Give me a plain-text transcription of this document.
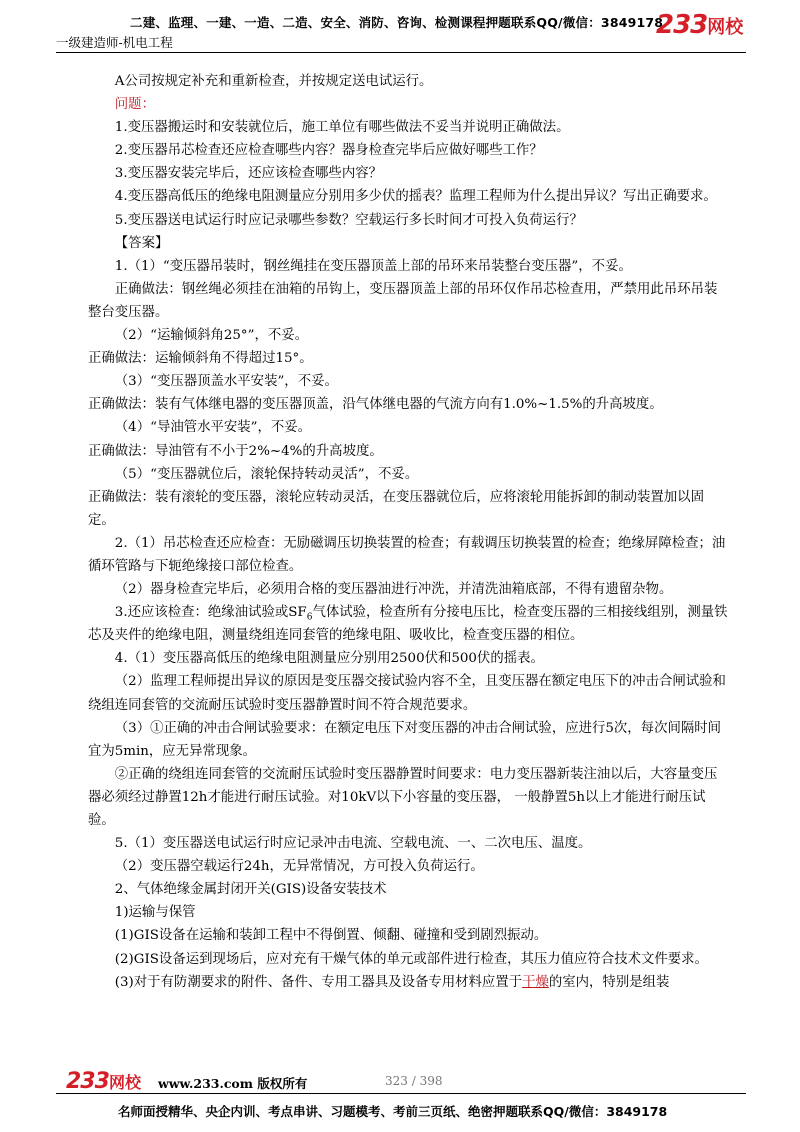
二建、监理、一建、一造、二造、安全、消防、咨询、检测课程押题联系QQ/微信：3849178
一级建造师-机电工程
233网校

A公司按规定补充和重新检查，并按规定送电试运行。

问题：

1.变压器搬运时和安装就位后，施工单位有哪些做法不妥当并说明正确做法。

2.变压器吊芯检查还应检查哪些内容？器身检查完毕后应做好哪些工作？

3.变压器安装完毕后，还应该检查哪些内容？

4.变压器高低压的绝缘电阻测量应分别用多少伏的摇表？监理工程师为什么提出异议？写出正确要求。

5.变压器送电试运行时应记录哪些参数？空载运行多长时间才可投入负荷运行？

【答案】

1.（1）“变压器吊装时，钢丝绳挂在变压器顶盖上部的吊环来吊装整台变压器”，不妥。

正确做法：钢丝绳必须挂在油箱的吊钩上，变压器顶盖上部的吊环仅作吊芯检查用，严禁用此吊环吊装整台变压器。

（2）“运输倾斜角25°”，不妥。

正确做法：运输倾斜角不得超过15°。

（3）“变压器顶盖水平安装”，不妥。

正确做法：装有气体继电器的变压器顶盖，沿气体继电器的气流方向有1.0%~1.5%的升高坡度。

（4）“导油管水平安装”，不妥。

正确做法：导油管有不小于2%~4%的升高坡度。

（5）“变压器就位后，滚轮保持转动灵活”，不妥。

正确做法：装有滚轮的变压器，滚轮应转动灵活，在变压器就位后，应将滚轮用能拆卸的制动装置加以固定。

2.（1）吊芯检查还应检查：无励磁调压切换装置的检查；有载调压切换装置的检查；绝缘屏障检查；油循环管路与下轭绝缘接口部位检查。

（2）器身检查完毕后，必须用合格的变压器油进行冲洗，并清洗油箱底部，不得有遗留杂物。

3.还应该检查：绝缘油试验或$SF_6$气体试验，检查所有分接电压比，检查变压器的三相接线组别，测量铁芯及夹件的绝缘电阻，测量绕组连同套管的绝缘电阻、吸收比，检查变压器的相位。

4.（1）变压器高低压的绝缘电阻测量应分别用2500伏和500伏的摇表。

（2）监理工程师提出异议的原因是变压器交接试验内容不全，且变压器在额定电压下的冲击合闸试验和绕组连同套管的交流耐压试验时变压器静置时间不符合规范要求。

（3）①正确的冲击合闸试验要求：在额定电压下对变压器的冲击合闸试验，应进行5次，每次间隔时间宜为5min，应无异常现象。

②正确的绕组连同套管的交流耐压试验时变压器静置时间要求：电力变压器新装注油以后，大容量变压器必须经过静置12h才能进行耐压试验。对10kV以下小容量的变压器， 一般静置5h以上才能进行耐压试验。

5.（1）变压器送电试运行时应记录冲击电流、空载电流、一、二次电压、温度。

（2）变压器空载运行24h，无异常情况，方可投入负荷运行。

2、气体绝缘金属封闭开关(GIS)设备安装技术

1)运输与保管

(1)GIS设备在运输和装卸工程中不得倒置、倾翻、碰撞和受到剧烈振动。

(2)GIS设备运到现场后，应对充有干燥气体的单元或部件进行检查，其压力值应符合技术文件要求。

(3)对于有防潮要求的附件、备件、专用工器具及设备专用材料应置于干燥的室内，特别是组装

233网校 www.233.com 版权所有	323 / 398
名师面授精华、央企内训、考点串讲、习题模考、考前三页纸、绝密押题联系QQ/微信：3849178
